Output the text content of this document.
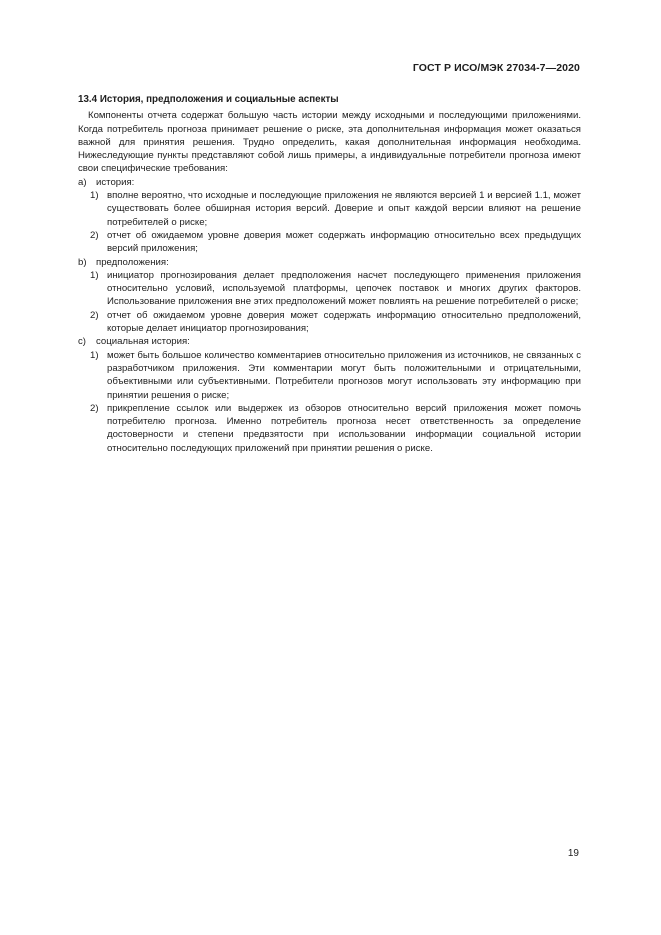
ГОСТ Р ИСО/МЭК 27034-7—2020
13.4 История, предположения и социальные аспекты

Компоненты отчета содержат большую часть истории между исходными и последующими приложениями. Когда потребитель прогноза принимает решение о риске, эта дополнительная информация может оказаться важной для принятия решения. Трудно определить, какая дополнительная информация необходима. Нижеследующие пункты представляют собой лишь примеры, а индивидуальные потребители прогноза имеют свои специфические требования:

a) история:
1) вполне вероятно, что исходные и последующие приложения не являются версией 1 и версией 1.1, может существовать более обширная история версий. Доверие и опыт каждой версии влияют на решение потребителей о риске;
2) отчет об ожидаемом уровне доверия может содержать информацию относительно всех предыдущих версий приложения;
b) предположения:
1) инициатор прогнозирования делает предположения насчет последующего применения приложения относительно условий, используемой платформы, цепочек поставок и многих других факторов. Использование приложения вне этих предположений может повлиять на решение потребителей о риске;
2) отчет об ожидаемом уровне доверия может содержать информацию относительно предположений, которые делает инициатор прогнозирования;
c)	социальная история:
1) может быть большое количество комментариев относительно приложения из источников, не связанных с разработчиком приложения. Эти комментарии могут быть положительными и отрицательными, объективными или субъективными. Потребители прогнозов могут использовать эту информацию при принятии решения о риске;
2) прикрепление ссылок или выдержек из обзоров относительно версий приложения может помочь потребителю прогноза. Именно потребитель прогноза несет ответственность за определение достоверности и степени предвзятости при использовании информации социальной истории относительно последующих приложений при принятии решения о риске.
19
